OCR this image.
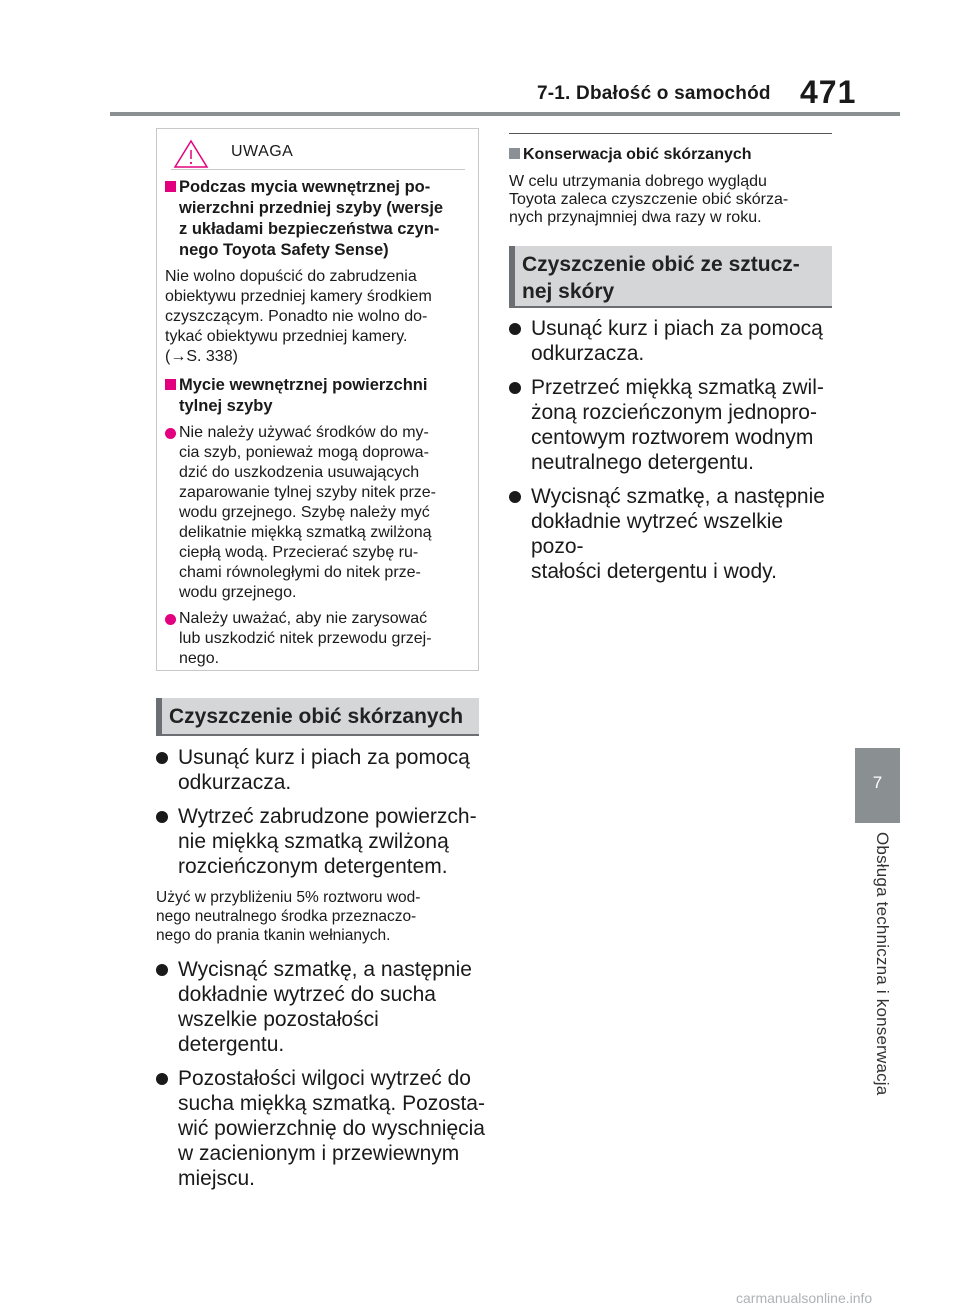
7-1. Dbałość o samochód 471
7
Obsługa techniczna i konserwacja
UWAGA
Podczas mycia wewnętrznej po-
wierzchni przedniej szyby (wersje
z układami bezpieczeństwa czyn-
nego Toyota Safety Sense)

Nie wolno dopuścić do zabrudzenia
obiektywu przedniej kamery środkiem
czyszczącym. Ponadto nie wolno do-
tykać obiektywu przedniej kamery.
(→S. 338)

Mycie wewnętrznej powierzchni
tylnej szyby
Nie należy używać środków do my-
cia szyb, ponieważ mogą doprowa-
dzić do uszkodzenia usuwających
zaparowanie tylnej szyby nitek prze-
wodu grzejnego. Szybę należy myć
delikatnie miękką szmatką zwilżoną
ciepłą wodą. Przecierać szybę ru-
chami równoległymi do nitek prze-
wodu grzejnego.
Należy uważać, aby nie zarysować
lub uszkodzić nitek przewodu grzej-
nego.
Czyszczenie obić skórzanych
Usunąć kurz i piach za pomocą
odkurzacza.
Wytrzeć zabrudzone powierzch-
nie miękką szmatką zwilżoną
rozcieńczonym detergentem.

Użyć w przybliżeniu 5% roztworu wod-
nego neutralnego środka przeznaczo-
nego do prania tkanin wełnianych.

Wycisnąć szmatkę, a następnie
dokładnie wytrzeć do sucha
wszelkie pozostałości detergentu.
Pozostałości wilgoci wytrzeć do
sucha miękką szmatką. Pozosta-
wić powierzchnię do wyschnięcia
w zacienionym i przewiewnym
miejscu.
Konserwacja obić skórzanych

W celu utrzymania dobrego wyglądu
Toyota zaleca czyszczenie obić skórza-
nych przynajmniej dwa razy w roku.

Czyszczenie obić ze sztucz-
nej skóry
Usunąć kurz i piach za pomocą
odkurzacza.
Przetrzeć miękką szmatką zwil-
żoną rozcieńczonym jednopro-
centowym roztworem wodnym
neutralnego detergentu.
Wycisnąć szmatkę, a następnie
dokładnie wytrzeć wszelkie pozo-
stałości detergentu i wody.
carmanualsonline.info
